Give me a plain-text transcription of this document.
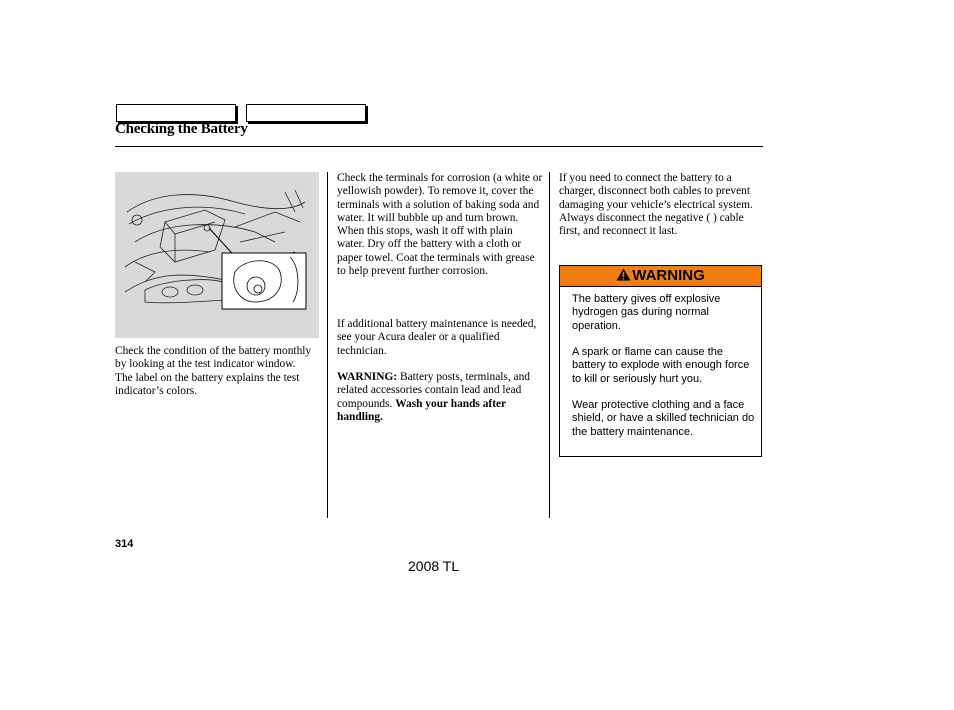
Checking the Battery

Check the condition of the battery monthly by looking at the test indicator window. The label on the battery explains the test indicator’s colors.

Check the terminals for corrosion (a white or yellowish powder). To remove it, cover the terminals with a solution of baking soda and water. It will bubble up and turn brown. When this stops, wash it off with plain water. Dry off the battery with a cloth or paper towel. Coat the terminals with grease to help prevent further corrosion.

If additional battery maintenance is needed, see your Acura dealer or a qualified technician.

WARNING: Battery posts, terminals, and related accessories contain lead and lead compounds. Wash your hands after handling.

If you need to connect the battery to a charger, disconnect both cables to prevent damaging your vehicle’s electrical system. Always disconnect the negative ( ) cable first, and reconnect it last.

WARNING

The battery gives off explosive hydrogen gas during normal operation.

A spark or flame can cause the battery to explode with enough force to kill or seriously hurt you.

Wear protective clothing and a face shield, or have a skilled technician do the battery maintenance.

314
2008 TL
